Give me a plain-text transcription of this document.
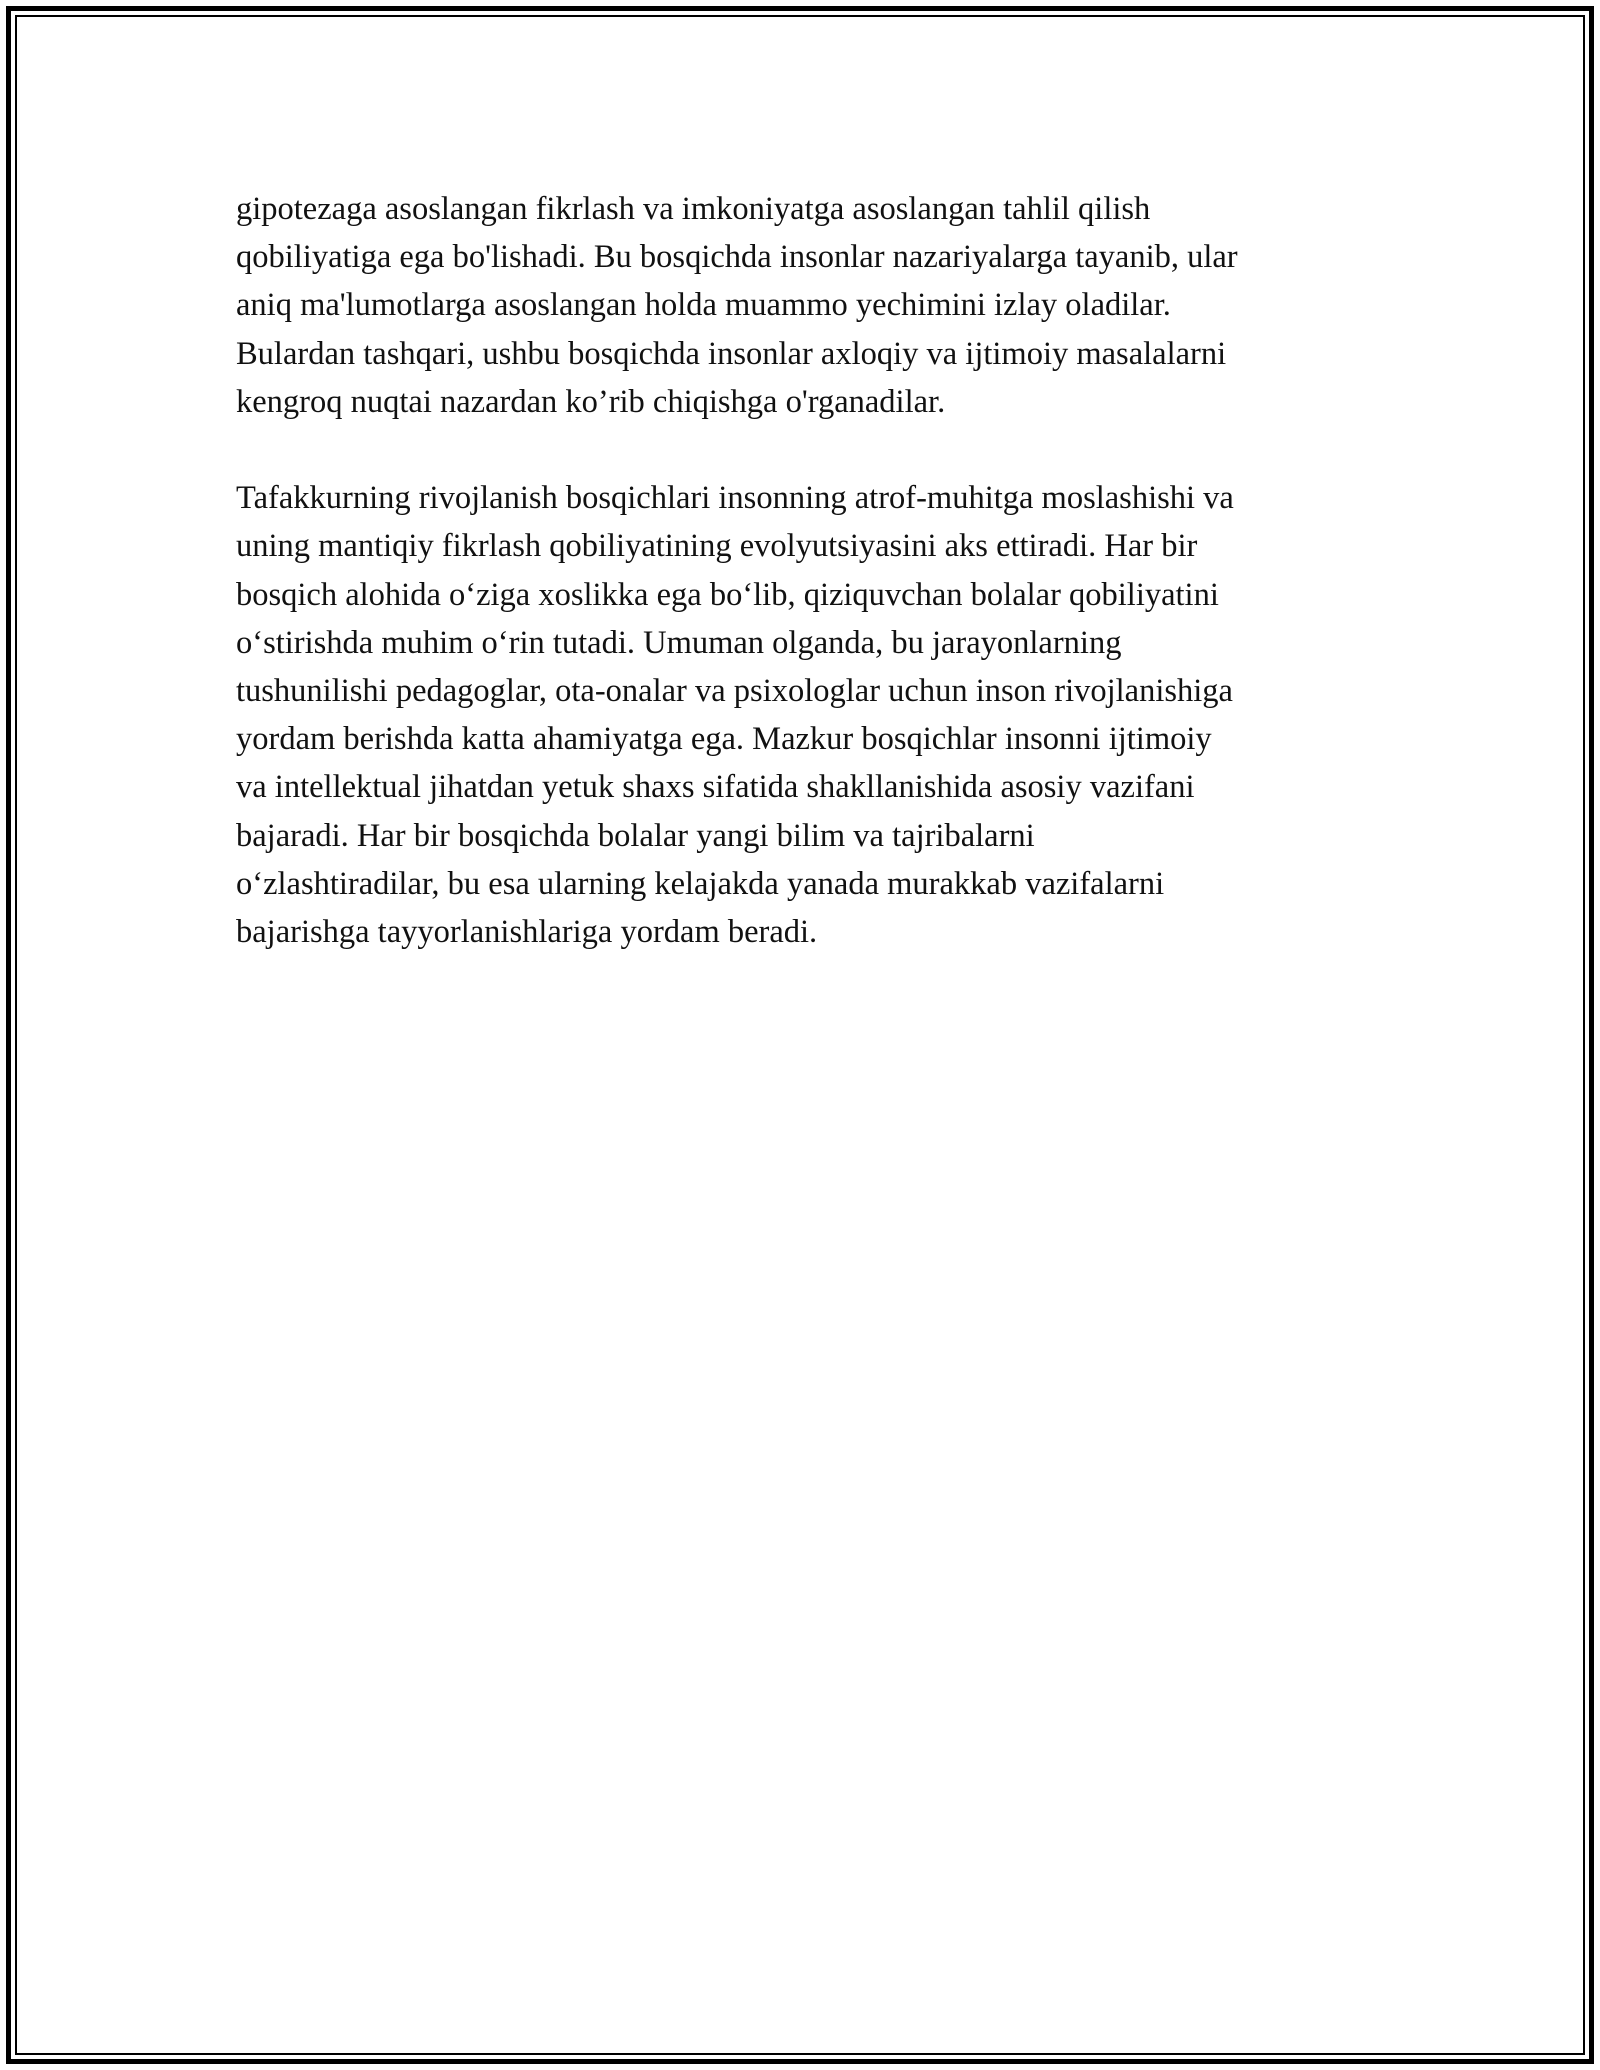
gipotezaga asoslangan fikrlash va imkoniyatga asoslangan tahlil qilish
qobiliyatiga ega bo'lishadi. Bu bosqichda insonlar nazariyalarga tayanib, ular
aniq ma'lumotlarga asoslangan holda muammo yechimini izlay oladilar.
Bulardan tashqari, ushbu bosqichda insonlar axloqiy va ijtimoiy masalalarni
kengroq nuqtai nazardan ko’rib chiqishga o'rganadilar.

Tafakkurning rivojlanish bosqichlari insonning atrof-muhitga moslashishi va
uning mantiqiy fikrlash qobiliyatining evolyutsiyasini aks ettiradi. Har bir
bosqich alohida oʻziga xoslikka ega boʻlib, qiziquvchan bolalar qobiliyatini
oʻstirishda muhim oʻrin tutadi. Umuman olganda, bu jarayonlarning
tushunilishi pedagoglar, ota-onalar va psixologlar uchun inson rivojlanishiga
yordam berishda katta ahamiyatga ega. Mazkur bosqichlar insonni ijtimoiy
va intellektual jihatdan yetuk shaxs sifatida shakllanishida asosiy vazifani
bajaradi. Har bir bosqichda bolalar yangi bilim va tajribalarni
oʻzlashtiradilar, bu esa ularning kelajakda yanada murakkab vazifalarni
bajarishga tayyorlanishlariga yordam beradi.
